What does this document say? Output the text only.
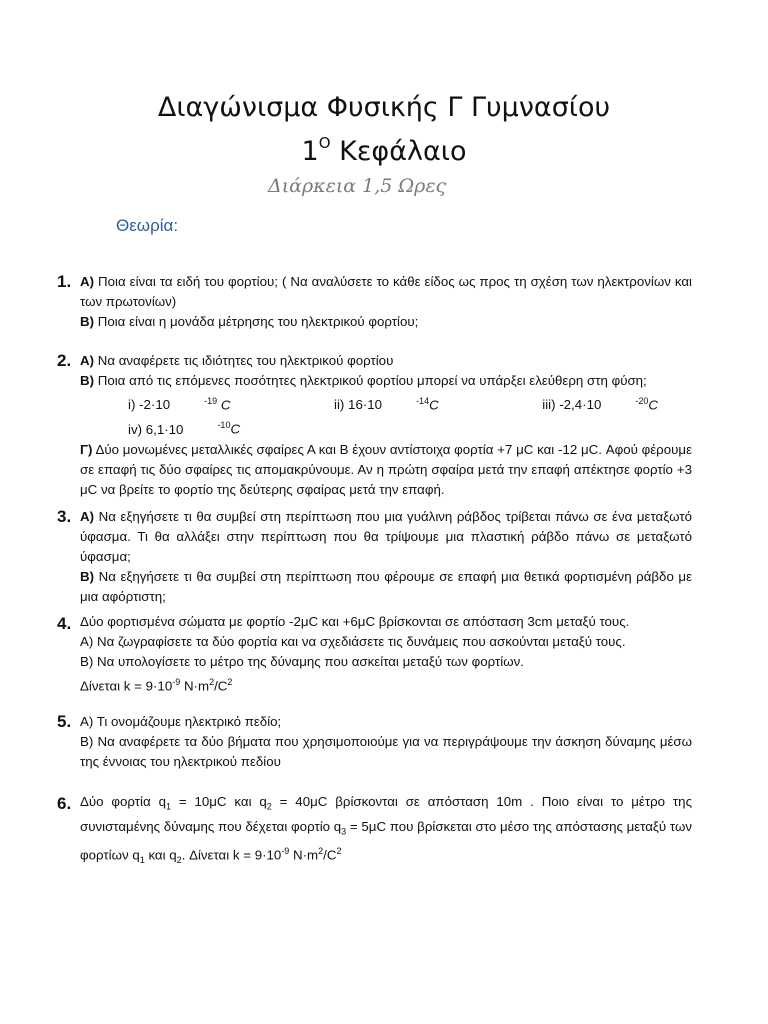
Διαγώνισμα Φυσικής Γ Γυμνασίου
$1^O$ Κεφάλαιο
Διάρκεια 1,5 Ωρες
Θεωρία:
1. Α) Ποια είναι τα ειδή του φορτίου; ( Να αναλύσετε το κάθε είδος ως προς τη σχέση των ηλεκτρονίων και των πρωτονίων)

Β) Ποια είναι η μονάδα μέτρησης του ηλεκτρικού φορτίου;

2. Α) Να αναφέρετε τις ιδιότητες του ηλεκτρικού φορτίου

Β) Ποια από τις επόμενες ποσότητες ηλεκτρικού φορτίου μπορεί να υπάρξει ελεύθερη στη φύση;

i) -2·10	$^{-19}$ C	ii) 16·10	$^{-14}$C	iii) -2,4·10	$^{-20}$C iv) 6,1·10	$^{-10}$C

Γ) Δύο μονωμένες μεταλλικές σφαίρες Α και Β έχουν αντίστοιχα φορτία +7 μC και -12 μC. Αφού φέρουμε σε επαφή τις δύο σφαίρες τις απομακρύνουμε. Αν η πρώτη σφαίρα μετά την επαφή απέκτησε φορτίο +3 μC να βρείτε το φορτίο της δεύτερης σφαίρας μετά την επαφή.

3. Α) Να εξηγήσετε τι θα συμβεί στη περίπτωση που μια γυάλινη ράβδος τρίβεται πάνω σε ένα μεταξωτό ύφασμα. Τι θα αλλάξει στην περίπτωση που θα τρίψουμε μια πλαστική ράβδο πάνω σε μεταξωτό ύφασμα;

Β) Να εξηγήσετε τι θα συμβεί στη περίπτωση που φέρουμε σε επαφή μια θετικά φορτισμένη ράβδο με μια αφόρτιστη;

4. Δύο φορτισμένα σώματα με φορτίο -2μC και +6μC βρίσκονται σε απόσταση 3cm μεταξύ τους.

Α) Να ζωγραφίσετε τα δύο φορτία και να σχεδιάσετε τις δυνάμεις που ασκούνται μεταξύ τους.

Β) Να υπολογίσετε το μέτρο της δύναμης που ασκείται μεταξύ των φορτίων.

Δίνεται $k = 9\cdot 10^{-9}$ $N\cdot m^2/C^2$

5. Α) Τι ονομάζουμε ηλεκτρικό πεδίο;

Β) Να αναφέρετε τα δύο βήματα που χρησιμοποιούμε για να περιγράψουμε την άσκηση δύναμης μέσω της έννοιας του ηλεκτρικού πεδίου

6. Δύο φορτία $q_1 = 10\mu C$ και $q_2 = 40\mu C$ βρίσκονται σε απόσταση 10m . Ποιο είναι το μέτρο της συνισταμένης δύναμης που δέχεται φορτίο $q_3 = 5\mu C$ που βρίσκεται στο μέσο της απόστασης μεταξύ των φορτίων $q_1$ και $q_2$. Δίνεται $k = 9\cdot 10^{-9}$ $N\cdot m^2/C^2$
